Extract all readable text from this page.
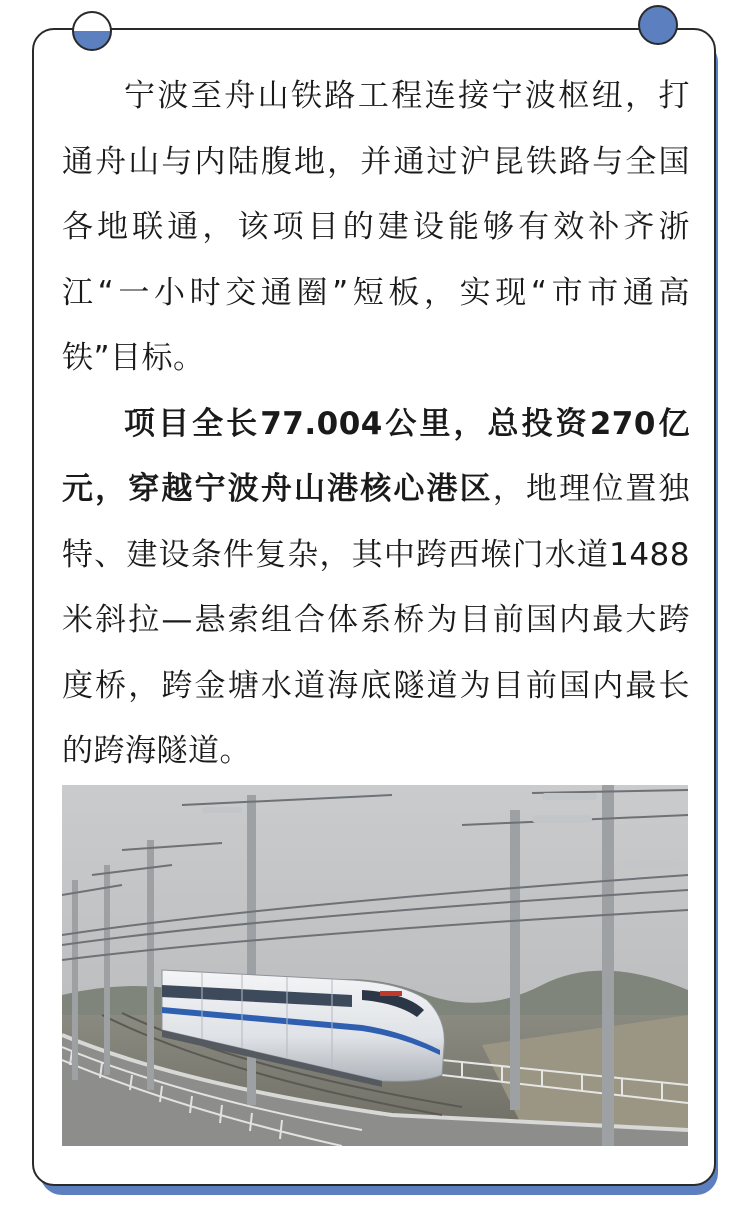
宁波至舟山铁路工程连接宁波枢纽，打通舟山与内陆腹地，并通过沪昆铁路与全国各地联通，该项目的建设能够有效补齐浙江“一小时交通圈”短板，实现“市市通高铁”目标。

项目全长77.004公里，总投资270亿元，穿越宁波舟山港核心港区，地理位置独特、建设条件复杂，其中跨西堠门水道1488米斜拉—悬索组合体系桥为目前国内最大跨度桥，跨金塘水道海底隧道为目前国内最长的跨海隧道。
